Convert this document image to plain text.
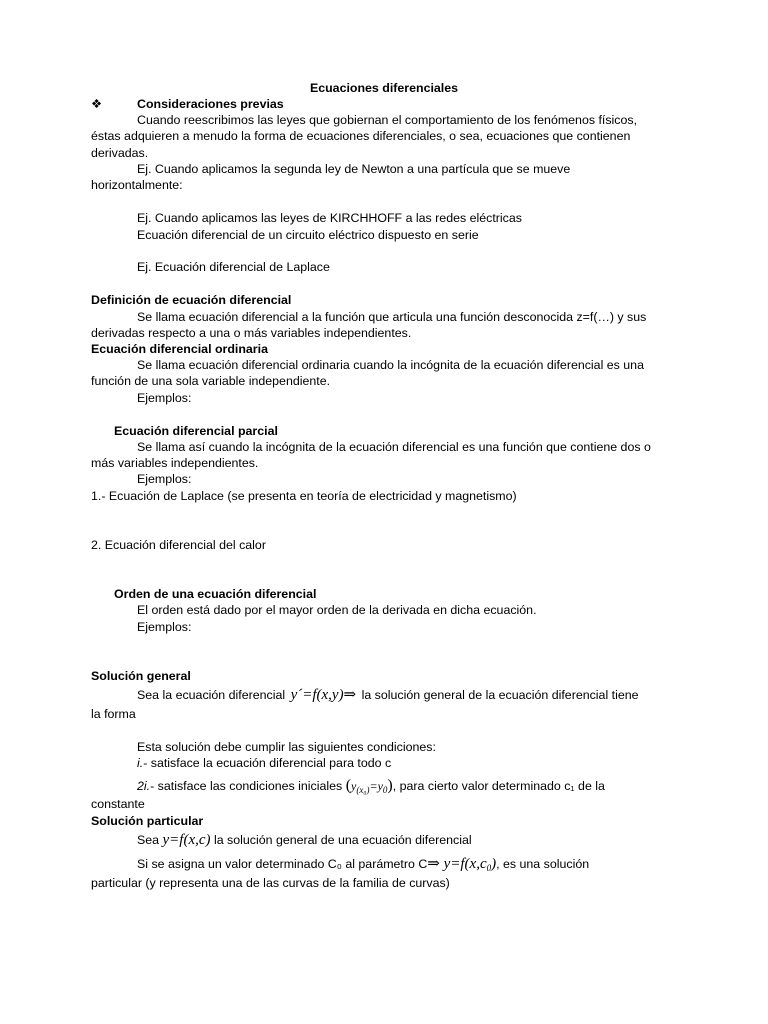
Ecuaciones diferenciales
❖	Consideraciones previas
Cuando reescribimos las leyes que gobiernan el comportamiento de los fenómenos físicos,
éstas adquieren a menudo la forma de ecuaciones diferenciales, o sea, ecuaciones que contienen
derivadas.
Ej. Cuando aplicamos la segunda ley de Newton a una partícula que se mueve
horizontalmente:
Ej. Cuando aplicamos las leyes de KIRCHHOFF a las redes eléctricas
Ecuación diferencial de un circuito eléctrico dispuesto en serie
Ej. Ecuación diferencial de Laplace
Definición de ecuación diferencial
Se llama ecuación diferencial a la función que articula una función desconocida z=f(…) y sus
derivadas respecto a una o más variables independientes.
Ecuación diferencial ordinaria
Se llama ecuación diferencial ordinaria cuando la incógnita de la ecuación diferencial es una
función de una sola variable independiente.
Ejemplos:
Ecuación diferencial parcial
Se llama así cuando la incógnita de la ecuación diferencial es una función que contiene dos o
más variables independientes.
Ejemplos:
1.- Ecuación de Laplace (se presenta en teoría de electricidad y magnetismo)
2. Ecuación diferencial del calor
Orden de una ecuación diferencial
El orden está dado por el mayor orden de la derivada en dicha ecuación.
Ejemplos:
Solución general
Sea la ecuación diferencial y´=f(x,y)⇒ la solución general de la ecuación diferencial tiene
la forma
Esta solución debe cumplir las siguientes condiciones:
i.- satisface la ecuación diferencial para todo c
2i.- satisface las condiciones iniciales $(y_{(x_0)}=y_0)$, para cierto valor determinado c₁ de la
constante
Solución particular
Sea y=f(x,c) la solución general de una ecuación diferencial
Si se asigna un valor determinado C₀ al parámetro C⇒ $y=f(x,c_0)$, es una solución
particular (y representa una de las curvas de la familia de curvas)
